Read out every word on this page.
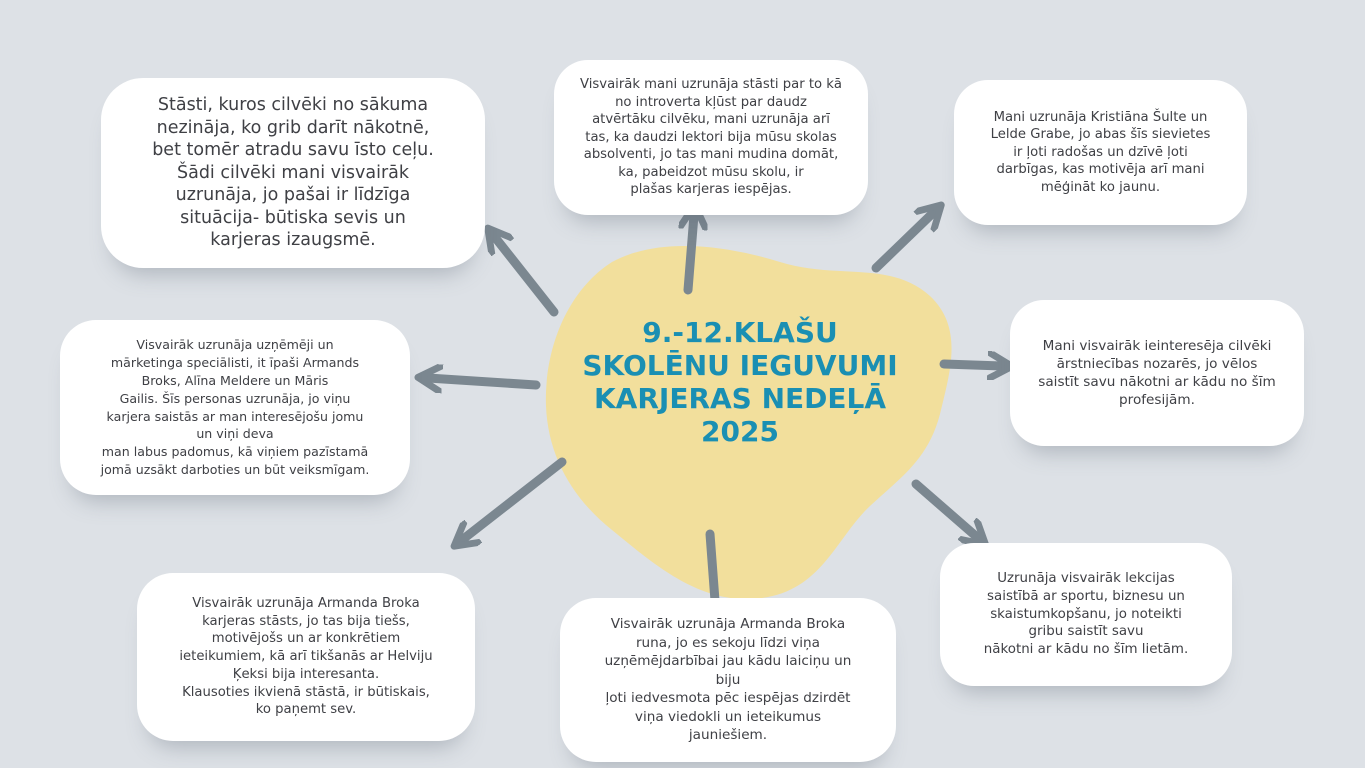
9.-12.KLAŠU
SKOLĒNU IEGUVUMI
KARJERAS NEDEĻĀ
2025
Stāsti, kuros cilvēki no sākuma
nezināja, ko grib darīt nākotnē,
bet tomēr atradu savu īsto ceļu.
Šādi cilvēki mani visvairāk
uzrunāja, jo pašai ir līdzīga
situācija- būtiska sevis un
karjeras izaugsmē.
Visvairāk mani uzrunāja stāsti par to kā
no introverta kļūst par daudz
atvērtāku cilvēku, mani uzrunāja arī
tas, ka daudzi lektori bija mūsu skolas
absolventi, jo tas mani mudina domāt,
ka, pabeidzot mūsu skolu, ir
plašas karjeras iespējas.
Mani uzrunāja Kristiāna Šulte un
Lelde Grabe, jo abas šīs sievietes
ir ļoti radošas un dzīvē ļoti
darbīgas, kas motivēja arī mani
mēģināt ko jaunu.
Visvairāk uzrunāja uzņēmēji un
mārketinga speciālisti, it īpaši Armands
Broks, Alīna Meldere un Māris
Gailis. Šīs personas uzrunāja, jo viņu
karjera saistās ar man interesējošu jomu
un viņi deva
man labus padomus, kā viņiem pazīstamā
jomā uzsākt darboties un būt veiksmīgam.
Mani visvairāk ieinteresēja cilvēki
ārstniecības nozarēs, jo vēlos
saistīt savu nākotni ar kādu no šīm
profesijām.
Visvairāk uzrunāja Armanda Broka
karjeras stāsts, jo tas bija tiešs,
motivējošs un ar konkrētiem
ieteikumiem, kā arī tikšanās ar Helviju
Ķeksi bija interesanta.
Klausoties ikvienā stāstā, ir būtiskais,
ko paņemt sev.
Visvairāk uzrunāja Armanda Broka
runa, jo es sekoju līdzi viņa
uzņēmējdarbībai jau kādu laiciņu un
biju
ļoti iedvesmota pēc iespējas dzirdēt
viņa viedokli un ieteikumus
jauniešiem.
Uzrunāja visvairāk lekcijas
saistībā ar sportu, biznesu un
skaistumkopšanu, jo noteikti
gribu saistīt savu
nākotni ar kādu no šīm lietām.
